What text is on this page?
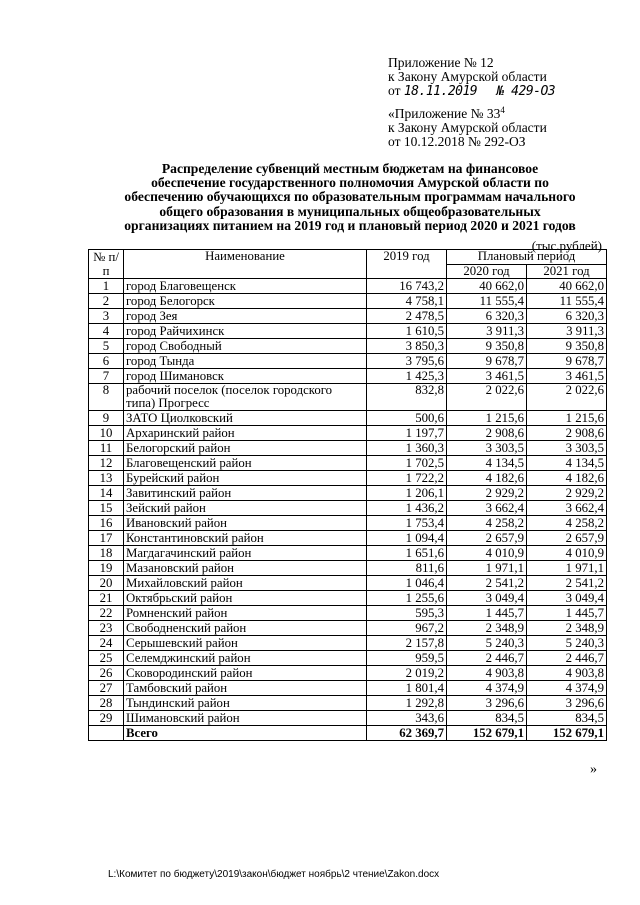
Приложение № 12
к Закону Амурской области
от 18.11.2019 № 429-ОЗ
«Приложение № $33^4$
к Закону Амурской области
от 10.12.2018 № 292-ОЗ
Распределение субвенций местным бюджетам на финансовое
обеспечение государственного полномочия Амурской области по
обеспечению обучающихся по образовательным программам начального
общего образования в муниципальных общеобразовательных
организациях питанием на 2019 год и плановый период 2020 и 2021 годов
(тыс.рублей)
№ п/п	Наименование	2019 год	Плановый период	
			2020 год	2021 год
1	город Благовещенск	16 743,2	40 662,0	40 662,0
2	город Белогорск	4 758,1	11 555,4	11 555,4
3	город Зея	2 478,5	6 320,3	6 320,3
4	город Райчихинск	1 610,5	3 911,3	3 911,3
5	город Свободный	3 850,3	9 350,8	9 350,8
6	город Тында	3 795,6	9 678,7	9 678,7
7	город Шимановск	1 425,3	3 461,5	3 461,5
8	рабочий поселок (поселок городского типа) Прогресс	832,8	2 022,6	2 022,6
9	ЗАТО Циолковский	500,6	1 215,6	1 215,6
10	Архаринский район	1 197,7	2 908,6	2 908,6
11	Белогорский район	1 360,3	3 303,5	3 303,5
12	Благовещенский район	1 702,5	4 134,5	4 134,5
13	Бурейский район	1 722,2	4 182,6	4 182,6
14	Завитинский район	1 206,1	2 929,2	2 929,2
15	Зейский район	1 436,2	3 662,4	3 662,4
16	Ивановский район	1 753,4	4 258,2	4 258,2
17	Константиновский район	1 094,4	2 657,9	2 657,9
18	Магдагачинский район	1 651,6	4 010,9	4 010,9
19	Мазановский район	811,6	1 971,1	1 971,1
20	Михайловский район	1 046,4	2 541,2	2 541,2
21	Октябрьский район	1 255,6	3 049,4	3 049,4
22	Ромненский район	595,3	1 445,7	1 445,7
23	Свободненский район	967,2	2 348,9	2 348,9
24	Серышевский район	2 157,8	5 240,3	5 240,3
25	Селемджинский район	959,5	2 446,7	2 446,7
26	Сковородинский район	2 019,2	4 903,8	4 903,8
27	Тамбовский район	1 801,4	4 374,9	4 374,9
28	Тындинский район	1 292,8	3 296,6	3 296,6
29	Шимановский район	343,6	834,5	834,5
	Всего	62 369,7	152 679,1	152 679,1
»
L:\Комитет по бюджету\2019\закон\бюджет ноябрь\2 чтение\Zakon.docx
